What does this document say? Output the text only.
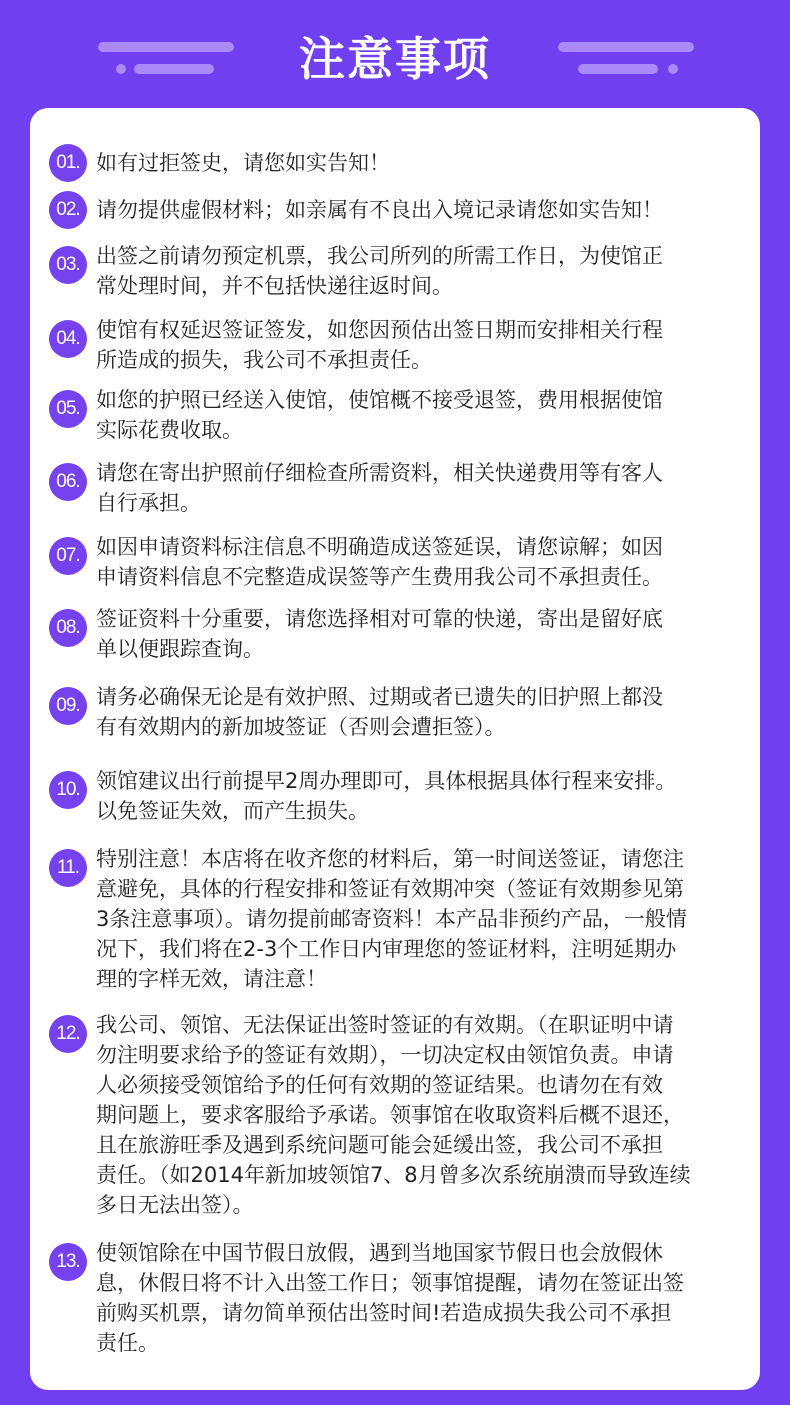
注意事项
01. 如有过拒签史，请您如实告知！
02. 请勿提供虚假材料；如亲属有不良出入境记录请您如实告知！
03. 出签之前请勿预定机票，我公司所列的所需工作日，为使馆正
常处理时间，并不包括快递往返时间。
04. 使馆有权延迟签证签发，如您因预估出签日期而安排相关行程
所造成的损失，我公司不承担责任。
05. 如您的护照已经送入使馆，使馆概不接受退签，费用根据使馆
实际花费收取。
06. 请您在寄出护照前仔细检查所需资料，相关快递费用等有客人
自行承担。
07. 如因申请资料标注信息不明确造成送签延误，请您谅解；如因
申请资料信息不完整造成误签等产生费用我公司不承担责任。
08. 签证资料十分重要，请您选择相对可靠的快递，寄出是留好底
单以便跟踪查询。
09. 请务必确保无论是有效护照、过期或者已遗失的旧护照上都没
有有效期内的新加坡签证（否则会遭拒签）。
10. 领馆建议出行前提早2周办理即可，具体根据具体行程来安排。
以免签证失效，而产生损失。
11. 特别注意！本店将在收齐您的材料后，第一时间送签证，请您注
意避免，具体的行程安排和签证有效期冲突（签证有效期参见第
3条注意事项）。请勿提前邮寄资料！本产品非预约产品，一般情
况下，我们将在2-3个工作日内审理您的签证材料，注明延期办
理的字样无效，请注意！
12. 我公司、领馆、无法保证出签时签证的有效期。（在职证明中请
勿注明要求给予的签证有效期），一切决定权由领馆负责。申请
人必须接受领馆给予的任何有效期的签证结果。也请勿在有效
期问题上，要求客服给予承诺。领事馆在收取资料后概不退还，
且在旅游旺季及遇到系统问题可能会延缓出签，我公司不承担
责任。（如2014年新加坡领馆7、8月曾多次系统崩溃而导致连续
多日无法出签）。
13. 使领馆除在中国节假日放假，遇到当地国家节假日也会放假休
息，休假日将不计入出签工作日；领事馆提醒，请勿在签证出签
前购买机票，请勿简单预估出签时间!若造成损失我公司不承担
责任。
